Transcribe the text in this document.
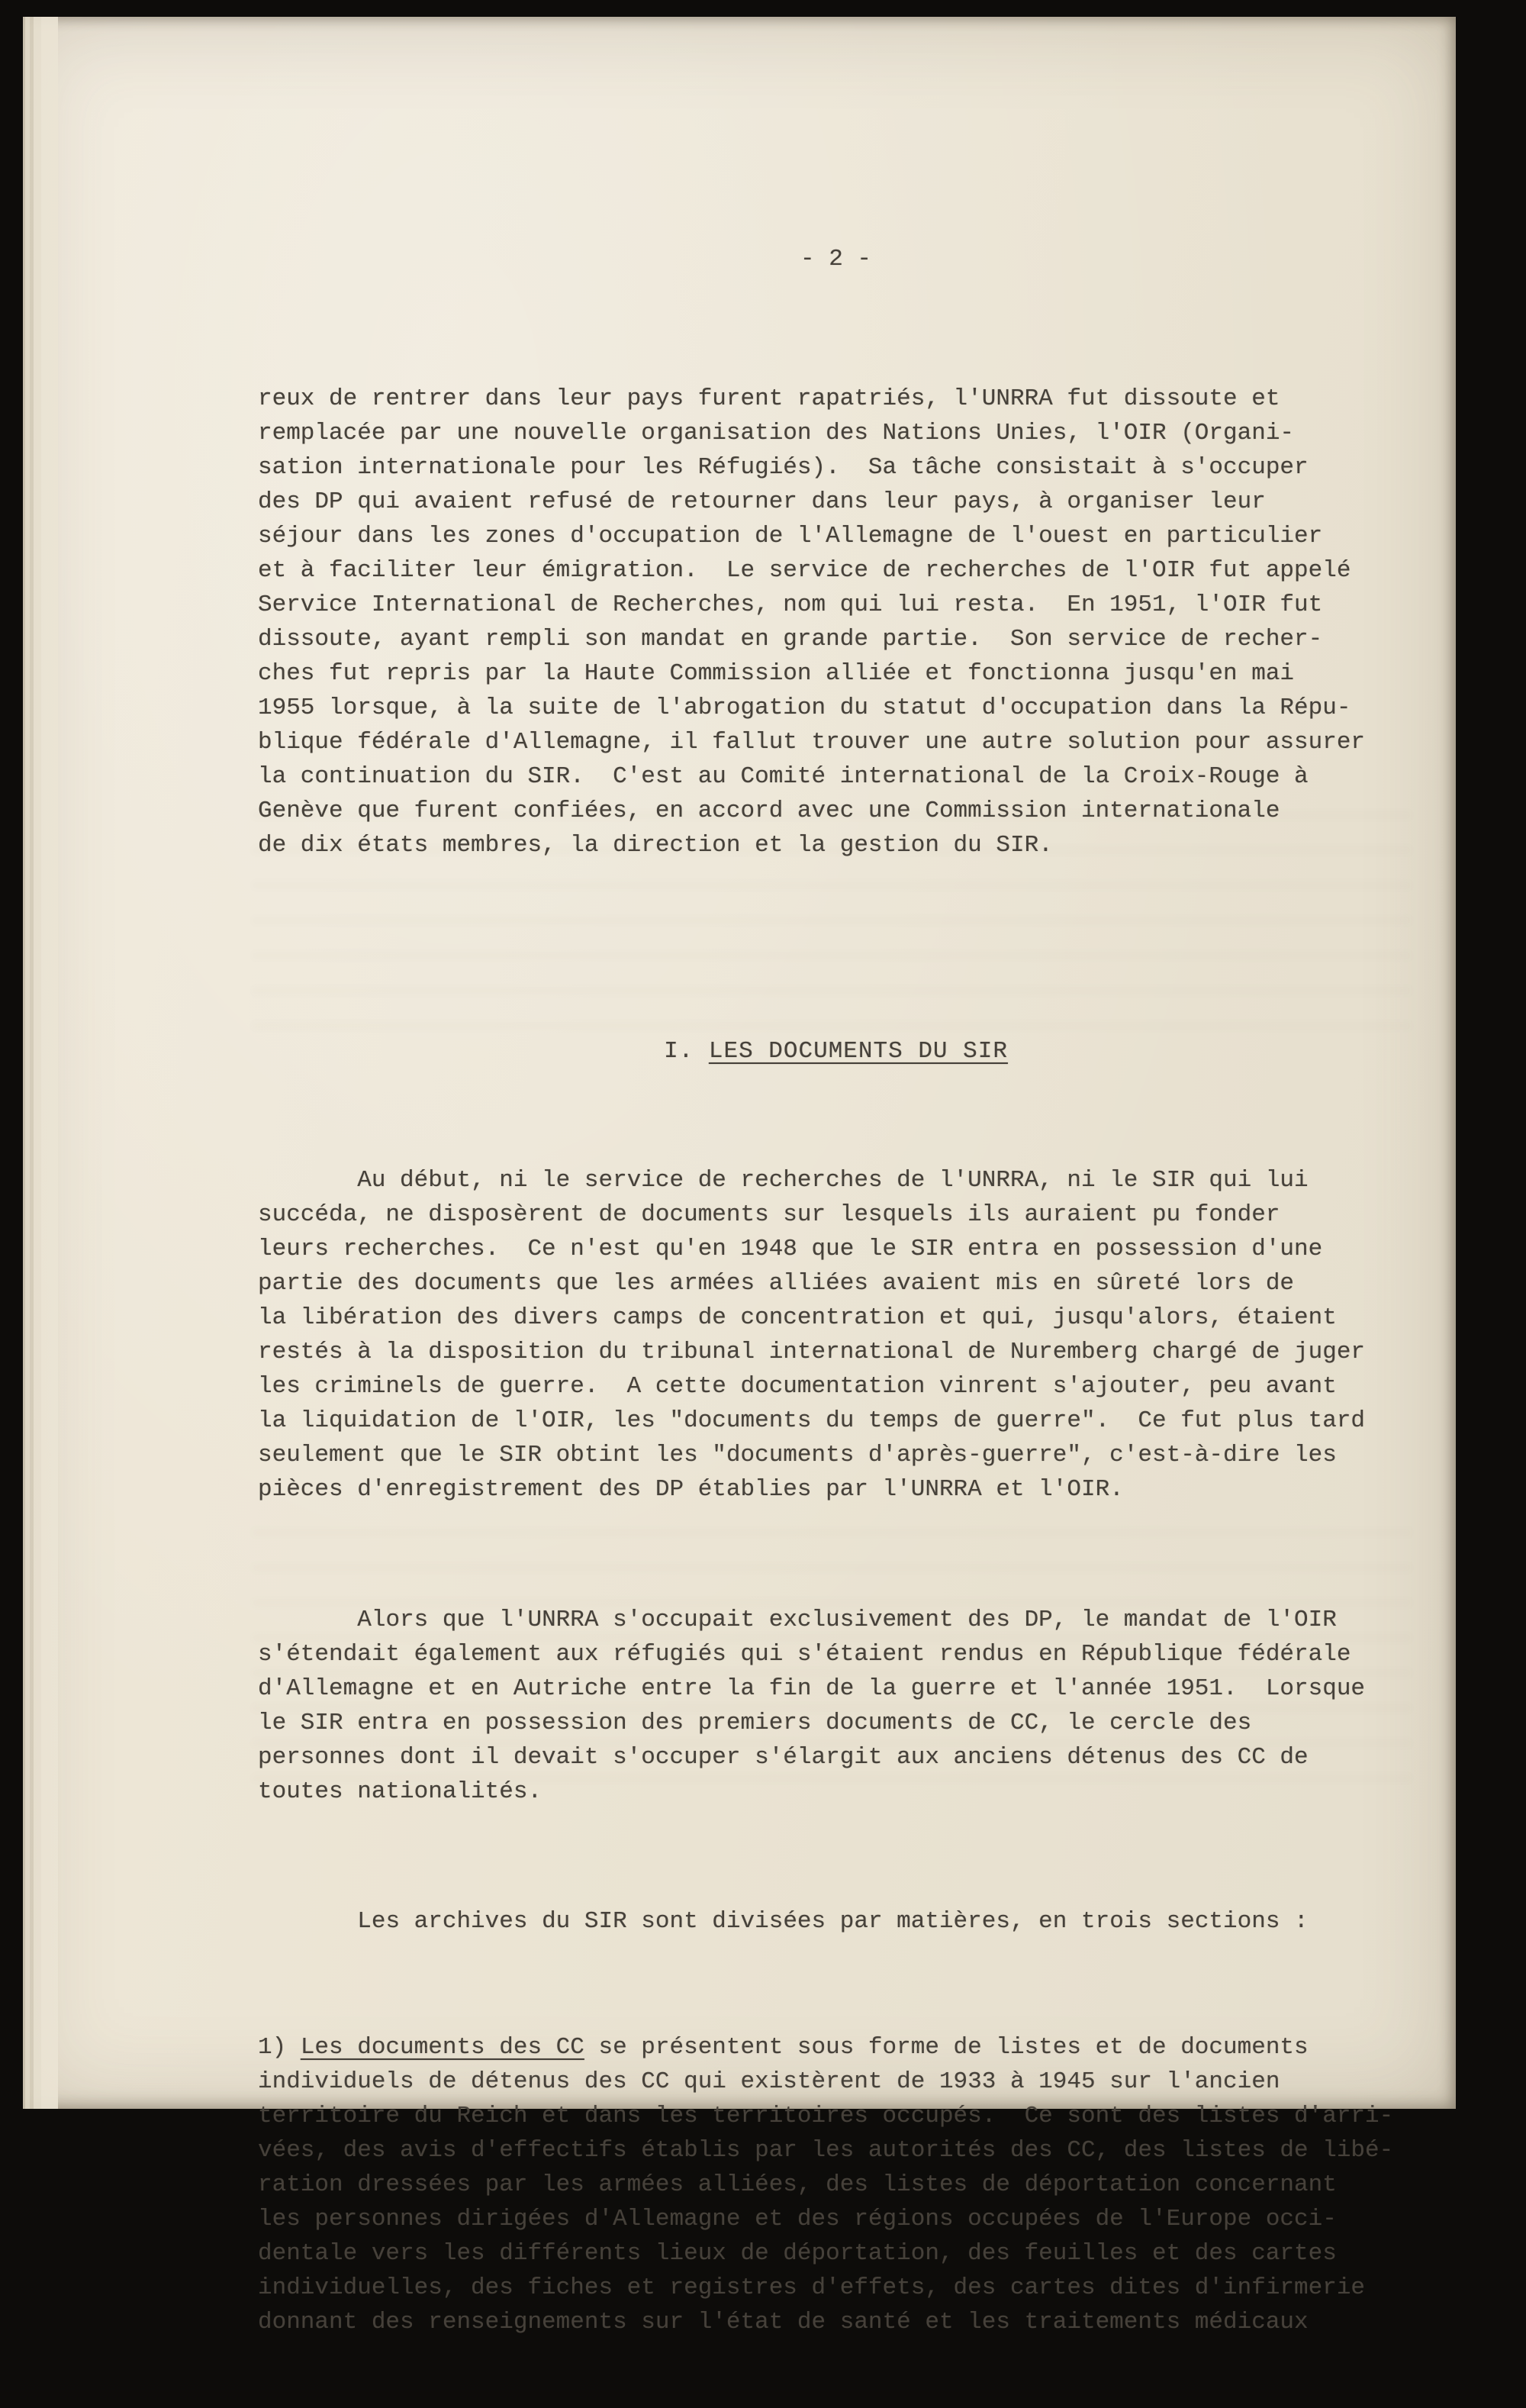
- 2 -

reux de rentrer dans leur pays furent rapatriés, l'UNRRA fut dissoute et
remplacée par une nouvelle organisation des Nations Unies, l'OIR (Organi-
sation internationale pour les Réfugiés).  Sa tâche consistait à s'occuper
des DP qui avaient refusé de retourner dans leur pays, à organiser leur
séjour dans les zones d'occupation de l'Allemagne de l'ouest en particulier
et à faciliter leur émigration.  Le service de recherches de l'OIR fut appelé
Service International de Recherches, nom qui lui resta.  En 1951, l'OIR fut
dissoute, ayant rempli son mandat en grande partie.  Son service de recher-
ches fut repris par la Haute Commission alliée et fonctionna jusqu'en mai
1955 lorsque, à la suite de l'abrogation du statut d'occupation dans la Répu-
blique fédérale d'Allemagne, il fallut trouver une autre solution pour assurer
la continuation du SIR.  C'est au Comité international de la Croix-Rouge à
Genève que furent confiées, en accord avec une Commission internationale
de dix états membres, la direction et la gestion du SIR.

I. LES DOCUMENTS DU SIR

Au début, ni le service de recherches de l'UNRRA, ni le SIR qui lui
succéda, ne disposèrent de documents sur lesquels ils auraient pu fonder
leurs recherches.  Ce n'est qu'en 1948 que le SIR entra en possession d'une
partie des documents que les armées alliées avaient mis en sûreté lors de
la libération des divers camps de concentration et qui, jusqu'alors, étaient
restés à la disposition du tribunal international de Nuremberg chargé de juger
les criminels de guerre.  A cette documentation vinrent s'ajouter, peu avant
la liquidation de l'OIR, les "documents du temps de guerre".  Ce fut plus tard
seulement que le SIR obtint les "documents d'après-guerre", c'est-à-dire les
pièces d'enregistrement des DP établies par l'UNRRA et l'OIR.

Alors que l'UNRRA s'occupait exclusivement des DP, le mandat de l'OIR
s'étendait également aux réfugiés qui s'étaient rendus en République fédérale
d'Allemagne et en Autriche entre la fin de la guerre et l'année 1951.  Lorsque
le SIR entra en possession des premiers documents de CC, le cercle des
personnes dont il devait s'occuper s'élargit aux anciens détenus des CC de
toutes nationalités.

Les archives du SIR sont divisées par matières, en trois sections :

1) Les documents des CC se présentent sous forme de listes et de documents
individuels de détenus des CC qui existèrent de 1933 à 1945 sur l'ancien
territoire du Reich et dans les territoires occupés.  Ce sont des listes d'arri-
vées, des avis d'effectifs établis par les autorités des CC, des listes de libé-
ration dressées par les armées alliées, des listes de déportation concernant
les personnes dirigées d'Allemagne et des régions occupées de l'Europe occi-
dentale vers les différents lieux de déportation, des feuilles et des cartes
individuelles, des fiches et registres d'effets, des cartes dites d'infirmerie
donnant des renseignements sur l'état de santé et les traitements médicaux
